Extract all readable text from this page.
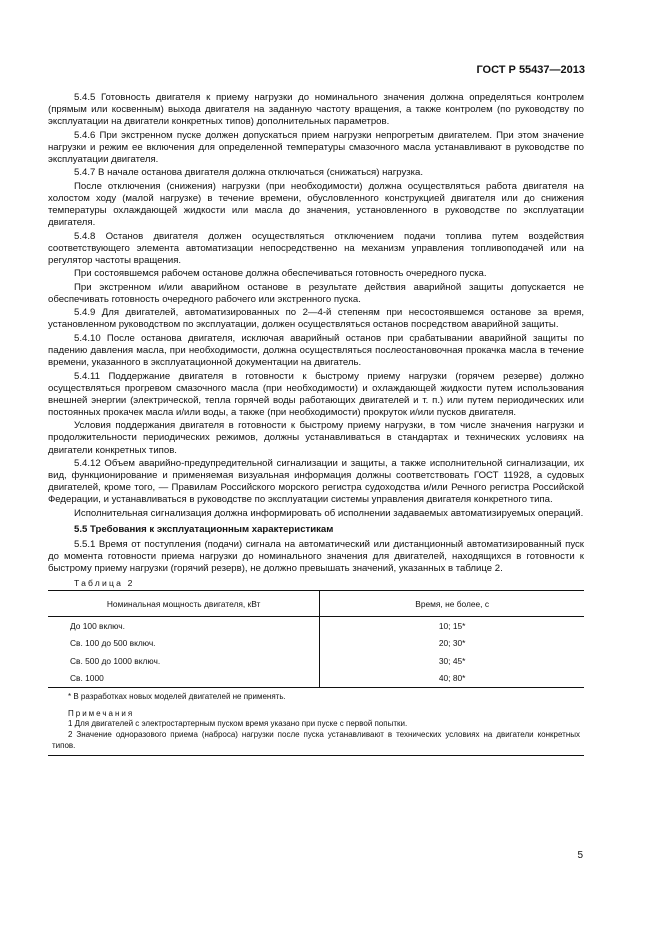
ГОСТ Р 55437—2013

5.4.5 Готовность двигателя к приему нагрузки до номинального значения должна определяться контролем (прямым или косвенным) выхода двигателя на заданную частоту вращения, а также контролем (по руководству по эксплуатации на двигатели конкретных типов) дополнительных параметров.

5.4.6 При экстренном пуске должен допускаться прием нагрузки непрогретым двигателем. При этом значение нагрузки и режим ее включения для определенной температуры смазочного масла устанавливают в руководстве по эксплуатации двигателя.

5.4.7 В начале останова двигателя должна отключаться (снижаться) нагрузка.

После отключения (снижения) нагрузки (при необходимости) должна осуществляться работа двигателя на холостом ходу (малой нагрузке) в течение времени, обусловленного конструкцией двигателя или до снижения температуры охлаждающей жидкости или масла до значения, установленного в руководстве по эксплуатации двигателя.

5.4.8 Останов двигателя должен осуществляться отключением подачи топлива путем воздействия соответствующего элемента автоматизации непосредственно на механизм управления топливоподачей или на регулятор частоты вращения.

При состоявшемся рабочем останове должна обеспечиваться готовность очередного пуска.

При экстренном и/или аварийном останове в результате действия аварийной защиты допускается не обеспечивать готовность очередного рабочего или экстренного пуска.

5.4.9 Для двигателей, автоматизированных по 2—4-й степеням при несостоявшемся останове за время, установленном руководством по эксплуатации, должен осуществляться останов посредством аварийной защиты.

5.4.10 После останова двигателя, исключая аварийный останов при срабатывании аварийной защиты по падению давления масла, при необходимости, должна осуществляться послеостановочная прокачка масла в течение времени, указанного в эксплуатационной документации на двигатель.

5.4.11 Поддержание двигателя в готовности к быстрому приему нагрузки (горячем резерве) должно осуществляться прогревом смазочного масла (при необходимости) и охлаждающей жидкости путем использования внешней энергии (электрической, тепла горячей воды работающих двигателей и т. п.) или путем периодических или постоянных прокачек масла и/или воды, а также (при необходимости) прокруток и/или пусков двигателя.

Условия поддержания двигателя в готовности к быстрому приему нагрузки, в том числе значения нагрузки и продолжительности периодических режимов, должны устанавливаться в стандартах и технических условиях на двигатели конкретных типов.

5.4.12 Объем аварийно-предупредительной сигнализации и защиты, а также исполнительной сигнализации, их вид, функционирование и применяемая визуальная информация должны соответствовать ГОСТ 11928, а судовых двигателей, кроме того, — Правилам Российского морского регистра судоходства и/или Речного регистра Российской Федерации, и устанавливаться в руководстве по эксплуатации системы управления двигателя конкретного типа.

Исполнительная сигнализация должна информировать об исполнении задаваемых автоматизируемых операций.

5.5 Требования к эксплуатационным характеристикам

5.5.1 Время от поступления (подачи) сигнала на автоматический или дистанционный автоматизированный пуск до момента готовности приема нагрузки до номинального значения для двигателей, находящихся в готовности к быстрому приему нагрузки (горячий резерв), не должно превышать значений, указанных в таблице 2.

Таблица 2

Номинальная мощность двигателя, кВт	Время, не более, с
До 100 включ.	10; 15*
Св. 100 до 500 включ.	20; 30*
Св. 500 до 1000 включ.	30; 45*
Св. 1000	40; 80*

* В разработках новых моделей двигателей не применять.

Примечания

1 Для двигателей с электростартерным пуском время указано при пуске с первой попытки.

2 Значение одноразового приема (наброса) нагрузки после пуска устанавливают в технических условиях на двигатели конкретных типов.

5
